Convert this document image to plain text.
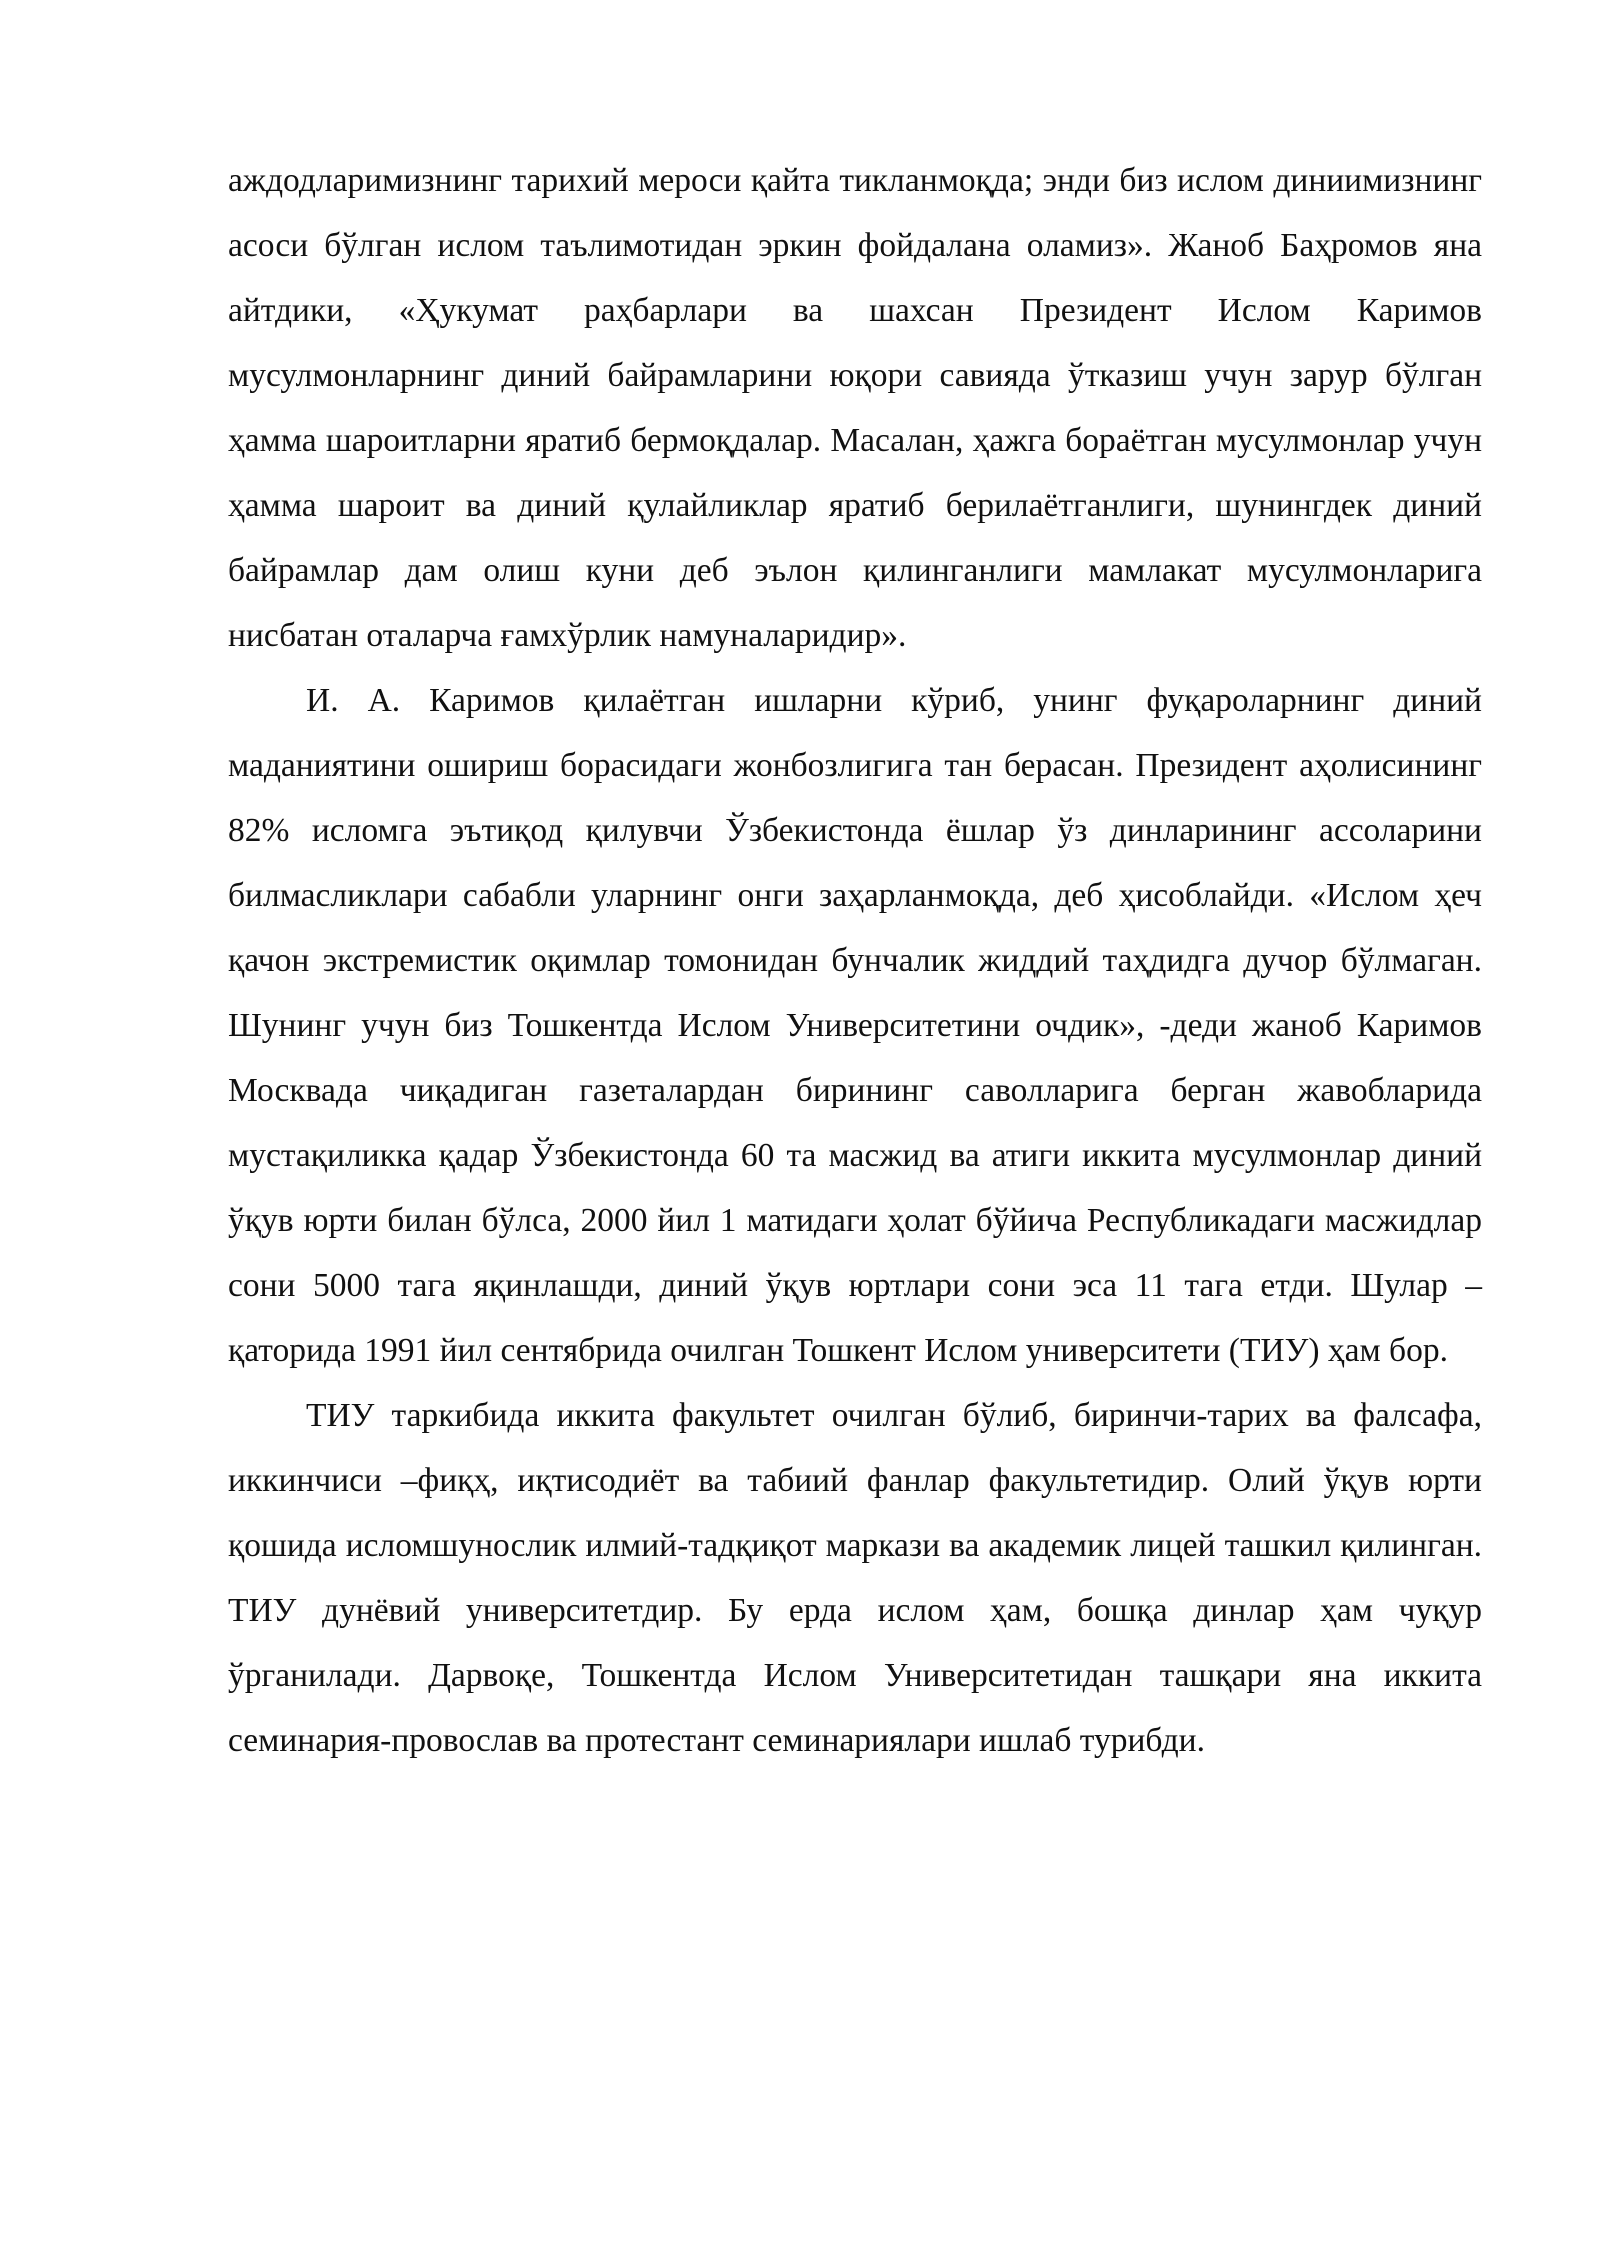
аждодларимизнинг тарихий мероси қайта тикланмоқда; энди биз ислом диниимизнинг асоси бўлган ислом таълимотидан эркин фойдалана оламиз». Жаноб Баҳромов яна айтдики, «Ҳукумат раҳбарлари ва шахсан Президент Ислом Каримов мусулмонларнинг диний байрамларини юқори савияда ўтказиш учун зарур бўлган ҳамма шароитларни яратиб бермоқдалар. Масалан, ҳажга бораётган мусулмонлар учун ҳамма шароит ва диний қулайликлар яратиб берилаётганлиги, шунингдек диний байрамлар дам олиш куни деб эълон қилинганлиги мамлакат мусулмонларига нисбатан оталарча ғамхўрлик намуналаридир».

И. А. Каримов қилаётган ишларни кўриб, унинг фуқароларнинг диний маданиятини ошириш борасидаги жонбозлигига тан берасан. Президент аҳолисининг 82% исломга эътиқод қилувчи Ўзбекистонда ёшлар ўз динларининг ассоларини билмасликлари сабабли уларнинг онги заҳарланмоқда, деб ҳисоблайди. «Ислом ҳеч қачон экстремистик оқимлар томонидан бунчалик жиддий таҳдидга дучор бўлмаган. Шунинг учун биз Тошкентда Ислом Университетини очдик», -деди жаноб Каримов Москвада чиқадиган газеталардан бирининг саволларига берган жавобларида мустақиликка қадар Ўзбекистонда 60 та масжид ва атиги иккита мусулмонлар диний ўқув юрти билан бўлса, 2000 йил 1 матидаги ҳолат бўйича Республикадаги масжидлар сони 5000 тага яқинлашди, диний ўқув юртлари сони эса 11 тага етди. Шулар –қаторида 1991 йил сентябрида очилган Тошкент Ислом университети (ТИУ) ҳам бор.

ТИУ таркибида иккита факультет очилган бўлиб, биринчи-тарих ва фалсафа, иккинчиси –фиқҳ, иқтисодиёт ва табиий фанлар факультетидир. Олий ўқув юрти қошида исломшунослик илмий-тадқиқот маркази ва академик лицей ташкил қилинган. ТИУ дунёвий университетдир. Бу ерда ислом ҳам, бошқа динлар ҳам чуқур ўрганилади. Дарвоқе, Тошкентда Ислом Университетидан ташқари яна иккита семинария-провослав ва протестант семинариялари ишлаб турибди.
